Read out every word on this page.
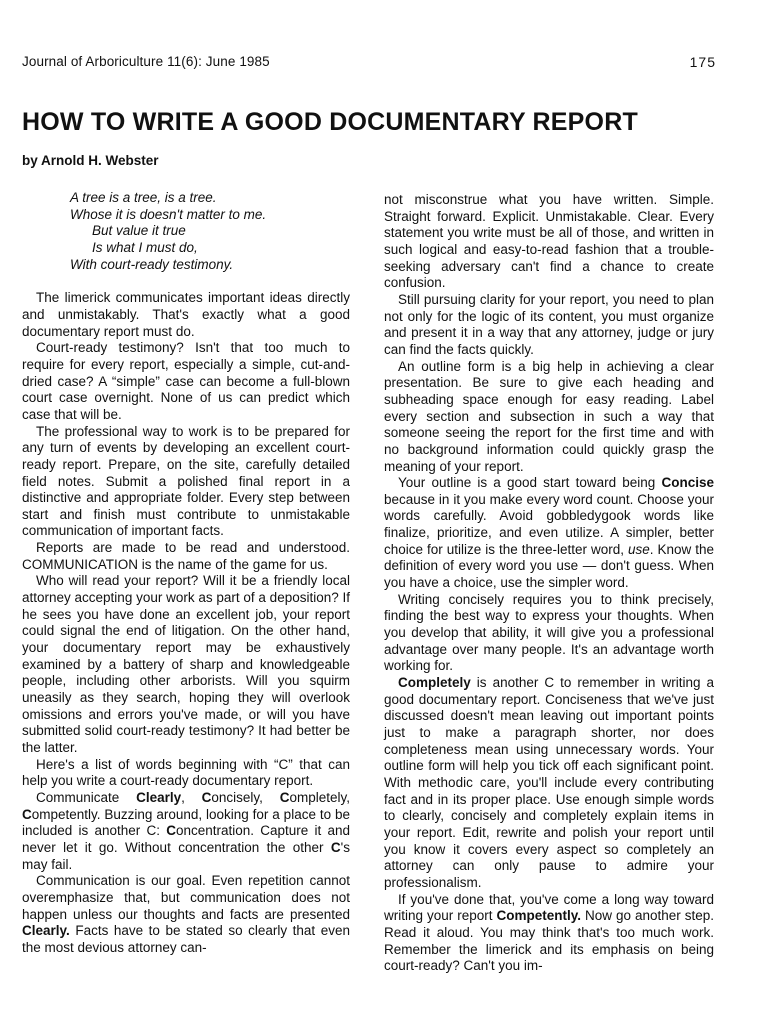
Journal of Arboriculture 11(6): June 1985	175
HOW TO WRITE A GOOD DOCUMENTARY REPORT
by Arnold H. Webster
A tree is a tree, is a tree.
Whose it is doesn't matter to me.
But value it true
Is what I must do,
With court-ready testimony.

The limerick communicates important ideas directly and unmistakably. That's exactly what a good documentary report must do.

Court-ready testimony? Isn't that too much to require for every report, especially a simple, cut-and-dried case? A “simple” case can become a full-blown court case overnight. None of us can predict which case that will be.

The professional way to work is to be prepared for any turn of events by developing an excellent court-ready report. Prepare, on the site, carefully detailed field notes. Submit a polished final report in a distinctive and appropriate folder. Every step between start and finish must contribute to unmistakable communication of important facts.

Reports are made to be read and understood. COMMUNICATION is the name of the game for us.

Who will read your report? Will it be a friendly local attorney accepting your work as part of a deposition? If he sees you have done an excellent job, your report could signal the end of litigation. On the other hand, your documentary report may be exhaustively examined by a battery of sharp and knowledgeable people, including other arborists. Will you squirm uneasily as they search, hoping they will overlook omissions and errors you've made, or will you have submitted solid court-ready testimony? It had better be the latter.

Here's a list of words beginning with “C” that can help you write a court-ready documentary report.

Communicate Clearly, Concisely, Completely, Competently. Buzzing around, looking for a place to be included is another C: Concentration. Capture it and never let it go. Without concentration the other C's may fail.

Communication is our goal. Even repetition cannot overemphasize that, but communication does not happen unless our thoughts and facts are presented Clearly. Facts have to be stated so clearly that even the most devious attorney can-

not misconstrue what you have written. Simple. Straight forward. Explicit. Unmistakable. Clear. Every statement you write must be all of those, and written in such logical and easy-to-read fashion that a trouble-seeking adversary can't find a chance to create confusion.

Still pursuing clarity for your report, you need to plan not only for the logic of its content, you must organize and present it in a way that any attorney, judge or jury can find the facts quickly.

An outline form is a big help in achieving a clear presentation. Be sure to give each heading and subheading space enough for easy reading. Label every section and subsection in such a way that someone seeing the report for the first time and with no background information could quickly grasp the meaning of your report.

Your outline is a good start toward being Concise because in it you make every word count. Choose your words carefully. Avoid gobbledygook words like finalize, prioritize, and even utilize. A simpler, better choice for utilize is the three-letter word, use. Know the definition of every word you use — don't guess. When you have a choice, use the simpler word.

Writing concisely requires you to think precisely, finding the best way to express your thoughts. When you develop that ability, it will give you a professional advantage over many people. It's an advantage worth working for.

Completely is another C to remember in writing a good documentary report. Conciseness that we've just discussed doesn't mean leaving out important points just to make a paragraph shorter, nor does completeness mean using unnecessary words. Your outline form will help you tick off each significant point. With methodic care, you'll include every contributing fact and in its proper place. Use enough simple words to clearly, concisely and completely explain items in your report. Edit, rewrite and polish your report until you know it covers every aspect so completely an attorney can only pause to admire your professionalism.

If you've done that, you've come a long way toward writing your report Competently. Now go another step. Read it aloud. You may think that's too much work. Remember the limerick and its emphasis on being court-ready? Can't you im-
